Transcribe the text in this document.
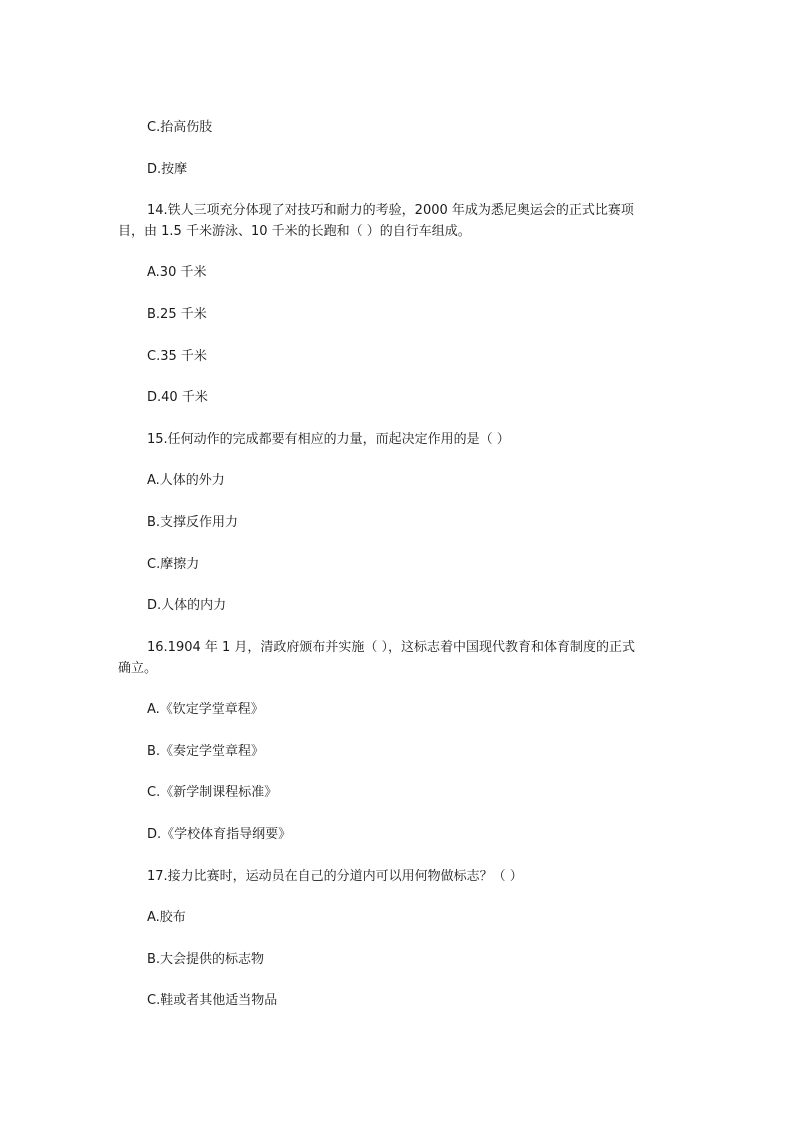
C.抬高伤肢
D.按摩
14.铁人三项充分体现了对技巧和耐力的考验，2000 年成为悉尼奥运会的正式比赛项
目，由 1.5 千米游泳、10 千米的长跑和（ ）的自行车组成。
A.30 千米
B.25 千米
C.35 千米
D.40 千米
15.任何动作的完成都要有相应的力量，而起决定作用的是（ ）
A.人体的外力
B.支撑反作用力
C.摩擦力
D.人体的内力
16.1904 年 1 月，清政府颁布并实施（ ），这标志着中国现代教育和体育制度的正式
确立。
A.《钦定学堂章程》
B.《奏定学堂章程》
C.《新学制课程标准》
D.《学校体育指导纲要》
17.接力比赛时，运动员在自己的分道内可以用何物做标志？（ ）
A.胶布
B.大会提供的标志物
C.鞋或者其他适当物品
